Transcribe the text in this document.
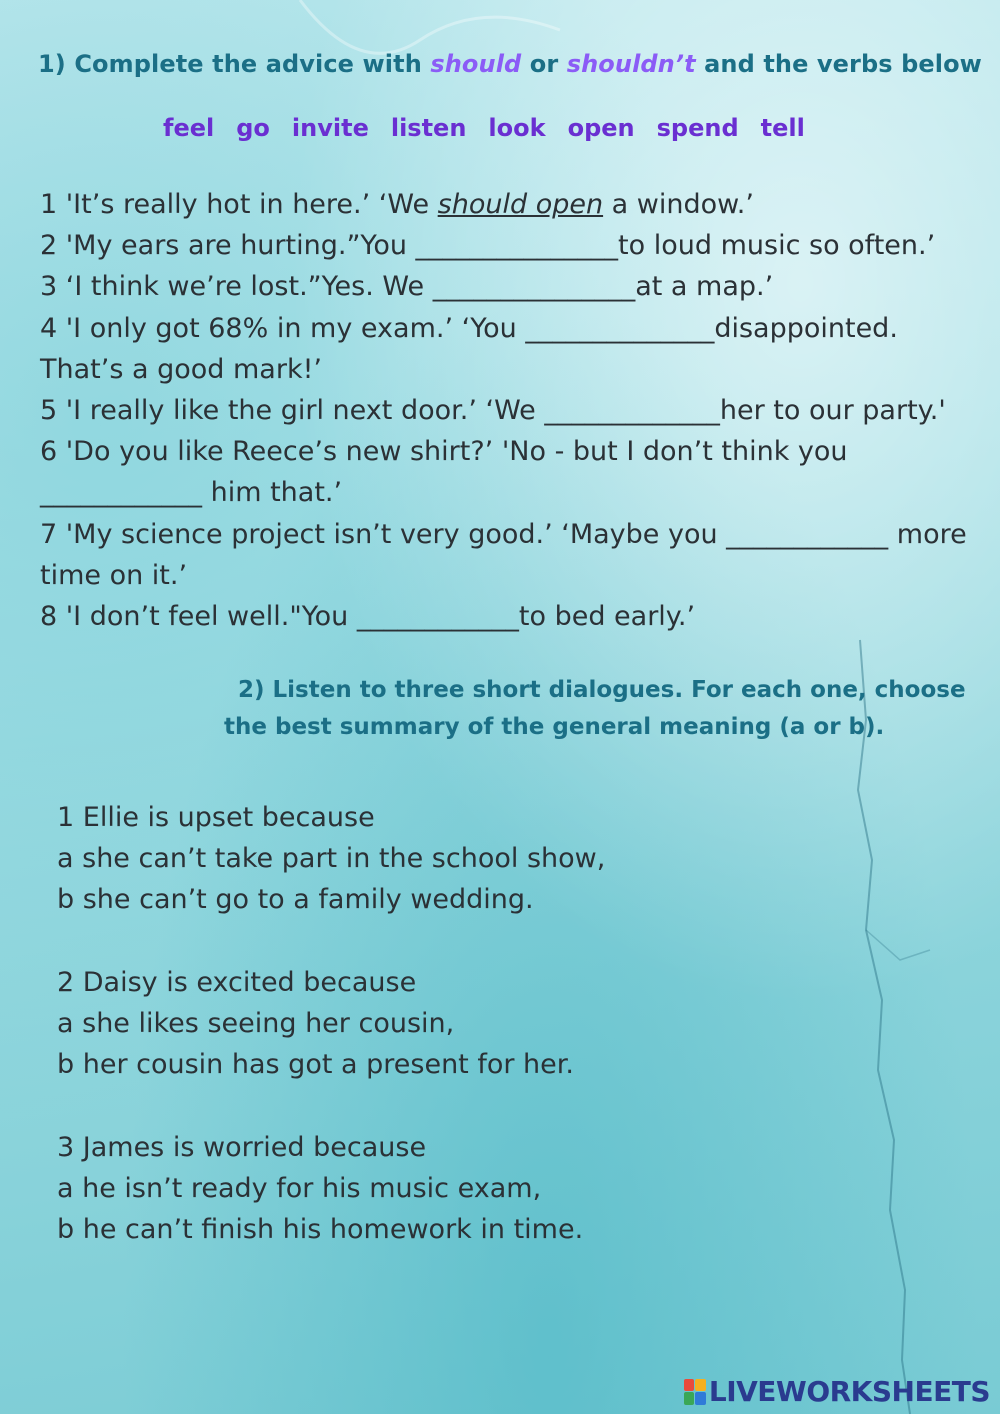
1) Complete the advice with should or shouldn’t and the verbs below
feel go invite listen look open spend tell
1 'It’s really hot in here.’ ‘We should open a window.’
2 'My ears are hurting.”You _______________to loud music so often.’
3 ‘I think we’re lost.”Yes. We _______________at a map.’
4 'I only got 68% in my exam.’ ‘You ______________disappointed.
That’s a good mark!’
5 'I really like the girl next door.’ ‘We _____________her to our party.'
6 'Do you like Reece’s new shirt?’ 'No - but I don’t think you
____________ him that.’
7 'My science project isn’t very good.’ ‘Maybe you ____________ more
time on it.’
8 'I don’t feel well."You ____________to bed early.’
2) Listen to three short dialogues. For each one, choose
the best summary of the general meaning (a or b).
1 Ellie is upset because
a she can’t take part in the school show,
b she can’t go to a family wedding.
2 Daisy is excited because
a she likes seeing her cousin,
b her cousin has got a present for her.
3 James is worried because
a he isn’t ready for his music exam,
b he can’t finish his homework in time.
LIVEWORKSHEETS
